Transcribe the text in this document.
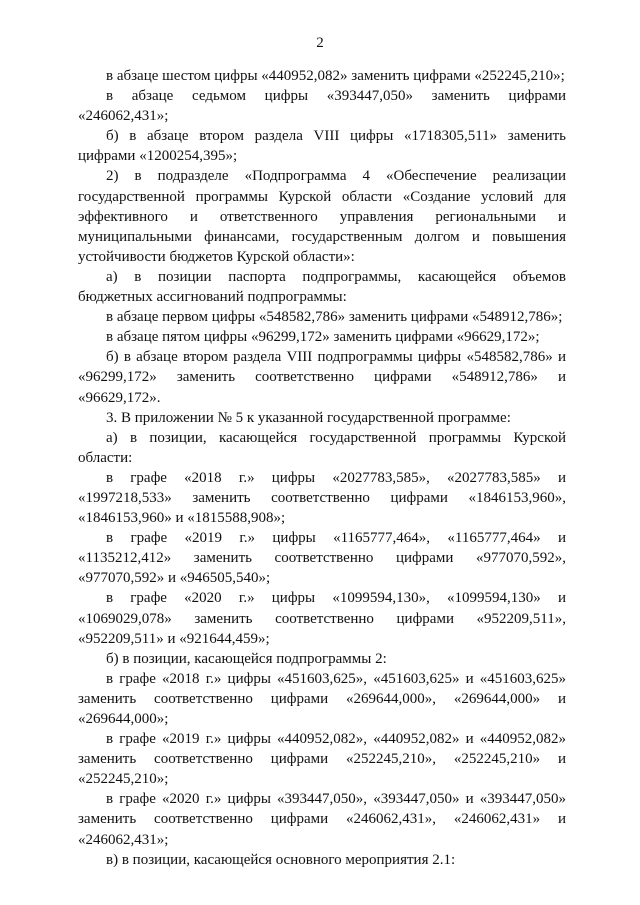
2

в абзаце шестом цифры «440952,082» заменить цифрами «252245,210»;

в абзаце седьмом цифры «393447,050» заменить цифрами «246062,431»;

б) в абзаце втором раздела VIII цифры «1718305,511» заменить цифрами «1200254,395»;

2) в подразделе «Подпрограмма 4 «Обеспечение реализации государственной программы Курской области «Создание условий для эффективного и ответственного управления региональными и муниципальными финансами, государственным долгом и повышения устойчивости бюджетов Курской области»:

а) в позиции паспорта подпрограммы, касающейся объемов бюджетных ассигнований подпрограммы:

в абзаце первом цифры «548582,786» заменить цифрами «548912,786»;

в абзаце пятом цифры «96299,172» заменить цифрами «96629,172»;

б) в абзаце втором раздела VIII подпрограммы цифры «548582,786» и «96299,172» заменить соответственно цифрами «548912,786» и «96629,172».

3. В приложении № 5 к указанной государственной программе:

а) в позиции, касающейся государственной программы Курской области:

в графе «2018 г.» цифры «2027783,585», «2027783,585» и «1997218,533» заменить соответственно цифрами «1846153,960», «1846153,960» и «1815588,908»;

в графе «2019 г.» цифры «1165777,464», «1165777,464» и «1135212,412» заменить соответственно цифрами «977070,592», «977070,592» и «946505,540»;

в графе «2020 г.» цифры «1099594,130», «1099594,130» и «1069029,078» заменить соответственно цифрами «952209,511», «952209,511» и «921644,459»;

б) в позиции, касающейся подпрограммы 2:

в графе «2018 г.» цифры «451603,625», «451603,625» и «451603,625» заменить соответственно цифрами «269644,000», «269644,000» и «269644,000»;

в графе «2019 г.» цифры «440952,082», «440952,082» и «440952,082» заменить соответственно цифрами «252245,210», «252245,210» и «252245,210»;

в графе «2020 г.» цифры «393447,050», «393447,050» и «393447,050» заменить соответственно цифрами «246062,431», «246062,431» и «246062,431»;

в) в позиции, касающейся основного мероприятия 2.1:
